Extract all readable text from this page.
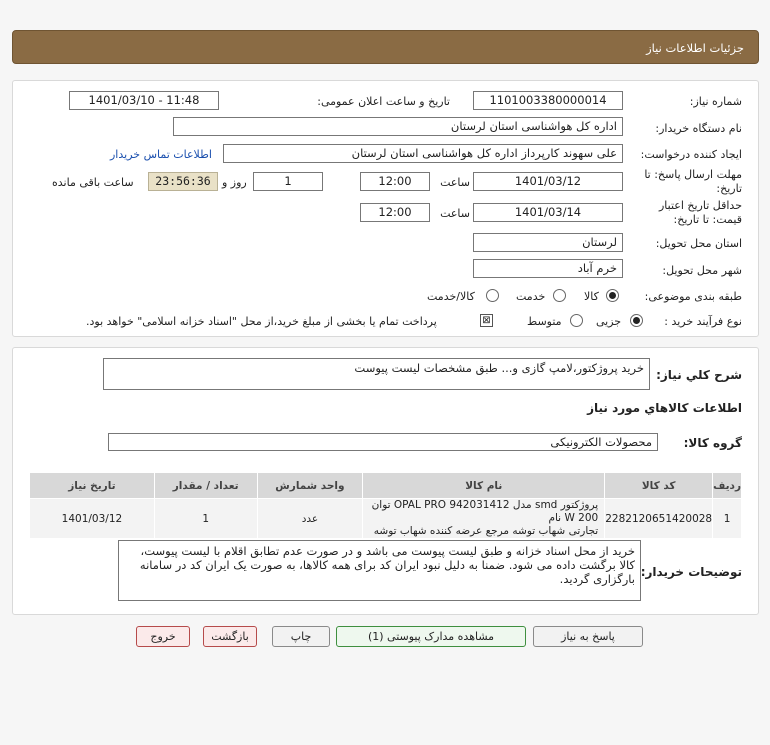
جزئیات اطلاعات نیاز
شماره نیاز:
1101003380000014
تاریخ و ساعت اعلان عمومی:
1401/03/10 - 11:48
نام دستگاه خریدار:
اداره کل هواشناسی استان لرستان
ایجاد کننده درخواست:
علی سهوند کارپرداز اداره کل هواشناسی استان لرستان
اطلاعات تماس خریدار
مهلت ارسال پاسخ: تا
تاریخ:
1401/03/12
ساعت
12:00
1
روز و
23:56:36
ساعت باقی مانده
حداقل تاریخ اعتبار
قیمت: تا تاریخ:
1401/03/14
ساعت
12:00
استان محل تحویل:
لرستان
شهر محل تحویل:
خرم آباد
طبقه بندی موضوعی:
کالا
خدمت
کالا/خدمت
نوع فرآیند خرید :
جزیی
متوسط
⊠
پرداخت تمام یا بخشی از مبلغ خرید،از محل "اسناد خزانه اسلامی" خواهد بود.
شرح کلي نياز:
خرید پروژکتور،لامپ گازی و... طبق مشخصات لیست پیوست
اطلاعات کالاهاي مورد نياز
گروه کالا:
محصولات الکترونیکی
ردیف	کد کالا	نام کالا	واحد شمارش	تعداد / مقدار	تاریخ نیاز
1	2282120651420028	پروژکتور smd مدل OPAL PRO 942031412 توان 200 W نام
تجارتی شهاب توشه مرجع عرضه کننده شهاب توشه	عدد	1	1401/03/12
توضیحات خریدار:
خرید از محل اسناد خزانه و طبق لیست پیوست می باشد و در صورت عدم تطابق اقلام با لیست پیوست، کالا برگشت داده می شود. ضمنا به دلیل نبود ایران کد برای همه کالاها، به صورت یک ایران کد در سامانه بارگزاری گردید.
پاسخ به نیاز
مشاهده مدارک پیوستی (1)
چاپ
بازگشت
خروج
